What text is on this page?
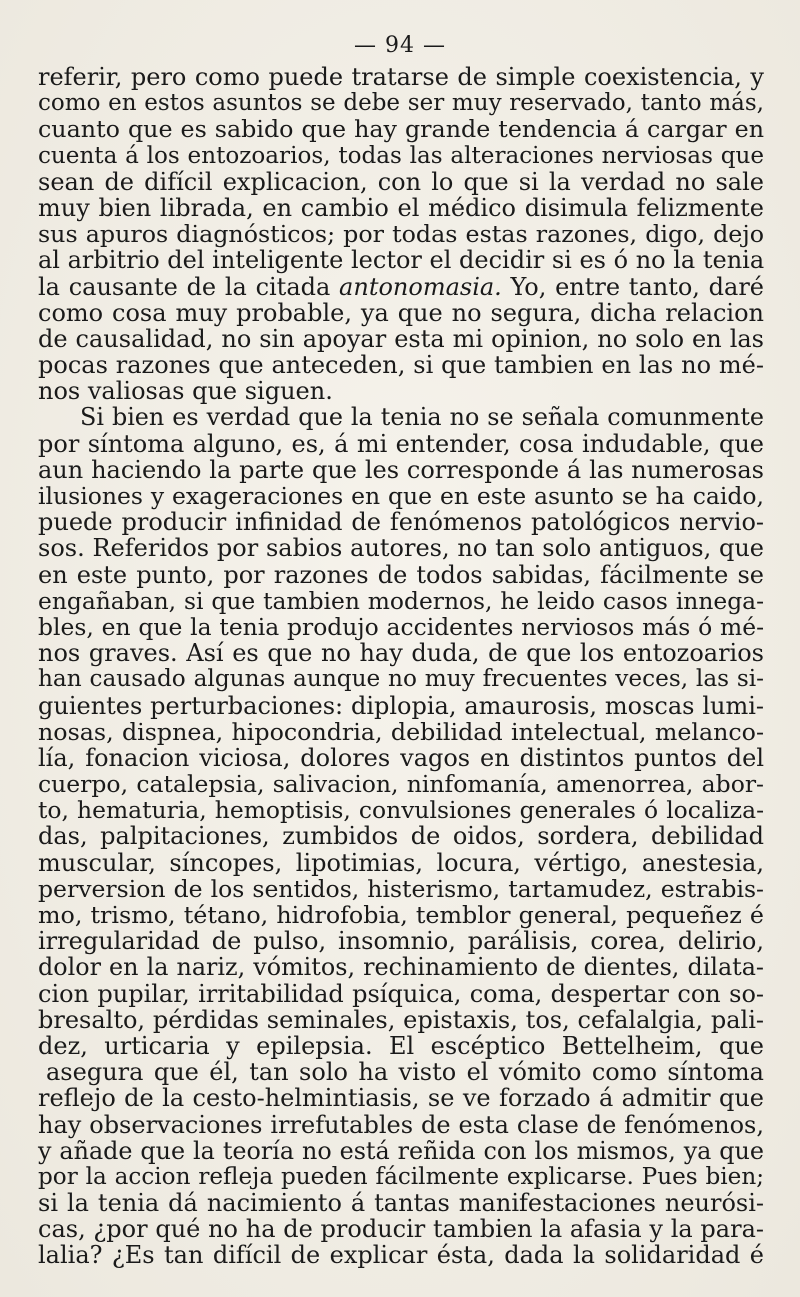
— 94 —
referir, pero como puede tratarse de simple coexistencia, y
como en estos asuntos se debe ser muy reservado, tanto más,
cuanto que es sabido que hay grande tendencia á cargar en
cuenta á los entozoarios, todas las alteraciones nerviosas que
sean de difícil explicacion, con lo que si la verdad no sale
muy bien librada, en cambio el médico disimula felizmente
sus apuros diagnósticos; por todas estas razones, digo, dejo
al arbitrio del inteligente lector el decidir si es ó no la tenia
la causante de la citada antonomasia. Yo, entre tanto, daré
como cosa muy probable, ya que no segura, dicha relacion
de causalidad, no sin apoyar esta mi opinion, no solo en las
pocas razones que anteceden, si que tambien en las no mé-
nos valiosas que siguen.
Si bien es verdad que la tenia no se señala comunmente
por síntoma alguno, es, á mi entender, cosa indudable, que
aun haciendo la parte que les corresponde á las numerosas
ilusiones y exageraciones en que en este asunto se ha caido,
puede producir infinidad de fenómenos patológicos nervio-
sos. Referidos por sabios autores, no tan solo antiguos, que
en este punto, por razones de todos sabidas, fácilmente se
engañaban, si que tambien modernos, he leido casos innega-
bles, en que la tenia produjo accidentes nerviosos más ó mé-
nos graves. Así es que no hay duda, de que los entozoarios
han causado algunas aunque no muy frecuentes veces, las si-
guientes perturbaciones: diplopia, amaurosis, moscas lumi-
nosas, dispnea, hipocondria, debilidad intelectual, melanco-
lía, fonacion viciosa, dolores vagos en distintos puntos del
cuerpo, catalepsia, salivacion, ninfomanía, amenorrea, abor-
to, hematuria, hemoptisis, convulsiones generales ó localiza-
das, palpitaciones, zumbidos de oidos, sordera, debilidad
muscular, síncopes, lipotimias, locura, vértigo, anestesia,
perversion de los sentidos, histerismo, tartamudez, estrabis-
mo, trismo, tétano, hidrofobia, temblor general, pequeñez é
irregularidad de pulso, insomnio, parálisis, corea, delirio,
dolor en la nariz, vómitos, rechinamiento de dientes, dilata-
cion pupilar, irritabilidad psíquica, coma, despertar con so-
bresalto, pérdidas seminales, epistaxis, tos, cefalalgia, pali-
dez, urticaria y epilepsia. El escéptico Bettelheim, que
asegura que él, tan solo ha visto el vómito como síntoma
reflejo de la cesto-helmintiasis, se ve forzado á admitir que
hay observaciones irrefutables de esta clase de fenómenos,
y añade que la teoría no está reñida con los mismos, ya que
por la accion refleja pueden fácilmente explicarse. Pues bien;
si la tenia dá nacimiento á tantas manifestaciones neurósi-
cas, ¿por qué no ha de producir tambien la afasia y la para-
lalia? ¿Es tan difícil de explicar ésta, dada la solidaridad é
